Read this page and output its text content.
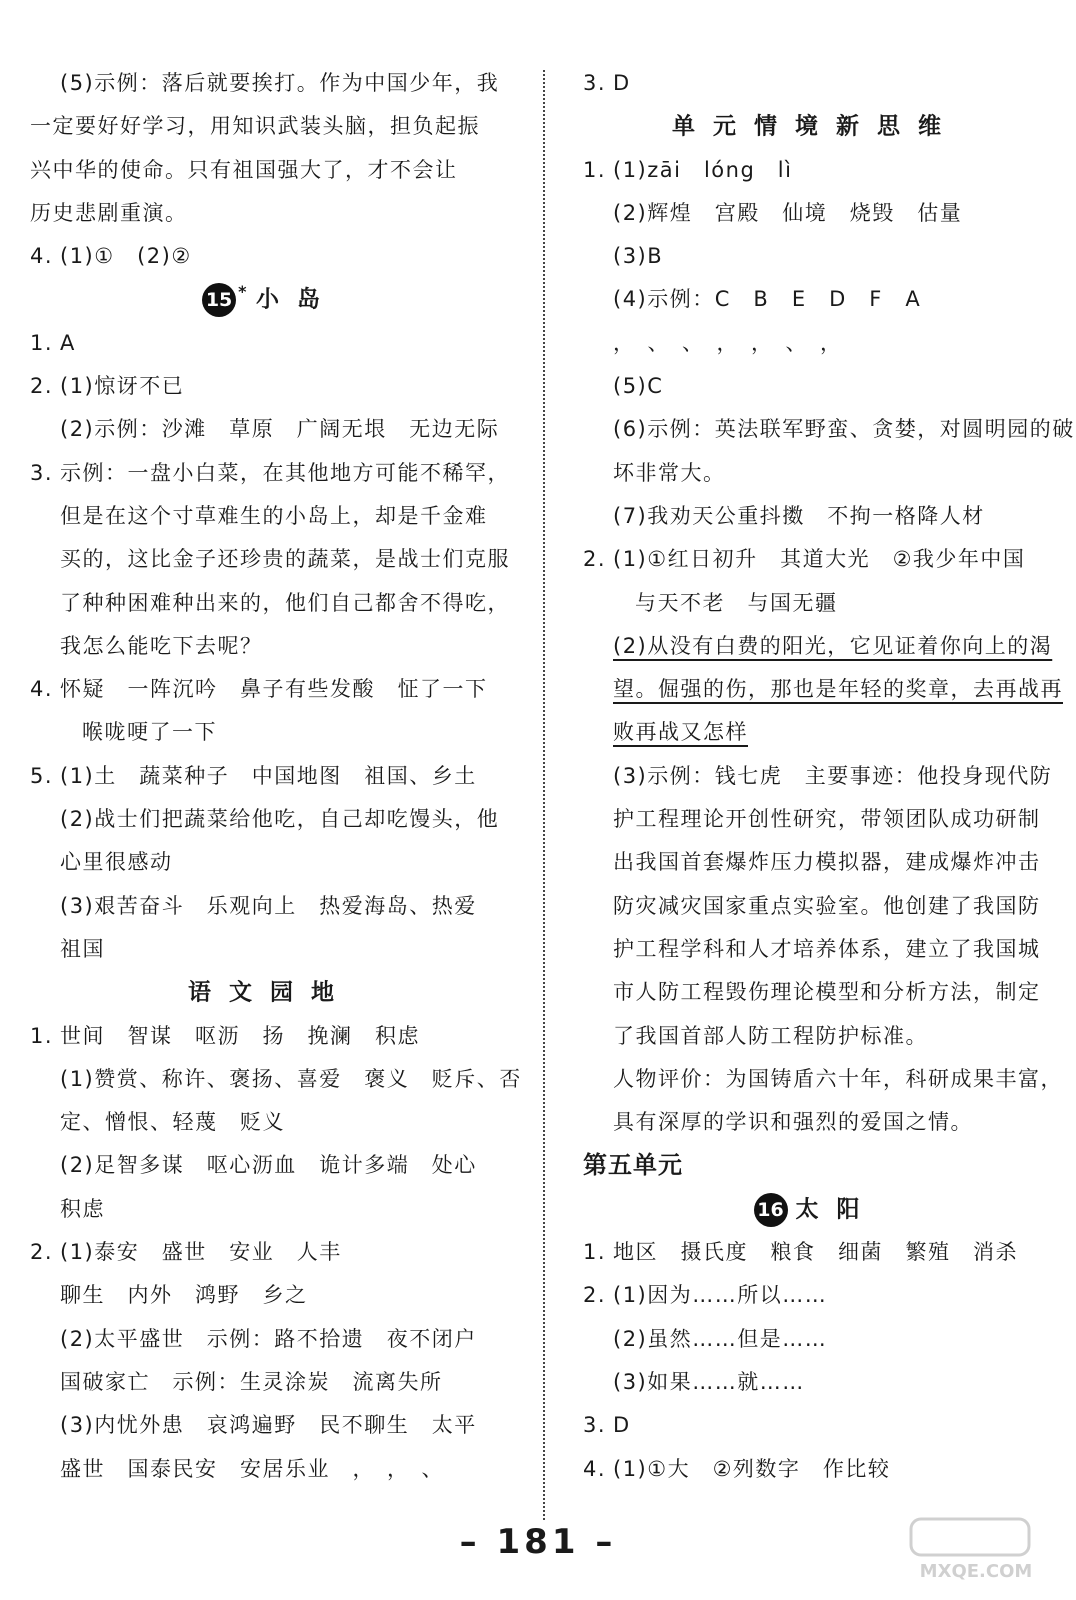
(5)示例：落后就要挨打。作为中国少年，我
一定要好好学习，用知识武装头脑，担负起振
兴中华的使命。只有祖国强大了，才不会让
历史悲剧重演。
4. (1)①　(2)②
15 * 小岛
1. A
2. (1)惊讶不已
(2)示例：沙滩　草原　广阔无垠　无边无际
3. 示例：一盘小白菜，在其他地方可能不稀罕，
但是在这个寸草难生的小岛上，却是千金难
买的，这比金子还珍贵的蔬菜，是战士们克服
了种种困难种出来的，他们自己都舍不得吃，
我怎么能吃下去呢？
4. 怀疑　一阵沉吟　鼻子有些发酸　怔了一下
喉咙哽了一下
5. (1)土　蔬菜种子　中国地图　祖国、乡土
(2)战士们把蔬菜给他吃，自己却吃馒头，他
心里很感动
(3)艰苦奋斗　乐观向上　热爱海岛、热爱
祖国
语文园地
1. 世间　智谋　呕沥　扬　挽澜　积虑
(1)赞赏、称许、褒扬、喜爱　褒义　贬斥、否
定、憎恨、轻蔑　贬义
(2)足智多谋　呕心沥血　诡计多端　处心
积虑
2. (1)泰安　盛世　安业　人丰
聊生　内外　鸿野　乡之
(2)太平盛世　示例：路不拾遗　夜不闭户
国破家亡　示例：生灵涂炭　流离失所
(3)内忧外患　哀鸿遍野　民不聊生　太平
盛世　国泰民安　安居乐业　，　，　、
3. D
单元情境新思维
1. (1)zāi　lóng　lì
(2)辉煌　宫殿　仙境　烧毁　估量
(3)B
(4)示例：C　B　E　D　F　A
，、、，，、，
(5)C
(6)示例：英法联军野蛮、贪婪，对圆明园的破
坏非常大。
(7)我劝天公重抖擞　不拘一格降人材
2. (1)①红日初升　其道大光　②我少年中国
与天不老　与国无疆
(2)从没有白费的阳光，它见证着你向上的渴
望。倔强的伤，那也是年轻的奖章，去再战再
败再战又怎样
(3)示例：钱七虎　主要事迹：他投身现代防
护工程理论开创性研究，带领团队成功研制
出我国首套爆炸压力模拟器，建成爆炸冲击
防灾减灾国家重点实验室。他创建了我国防
护工程学科和人才培养体系，建立了我国城
市人防工程毁伤理论模型和分析方法，制定
了我国首部人防工程防护标准。
人物评价：为国铸盾六十年，科研成果丰富，
具有深厚的学识和强烈的爱国之情。
第五单元
16 太阳
1. 地区　摄氏度　粮食　细菌　繁殖　消杀
2. (1)因为……所以……
(2)虽然……但是……
(3)如果……就……
3. D
4. (1)①大　②列数字　作比较
– 181 –
MXQE.COM
